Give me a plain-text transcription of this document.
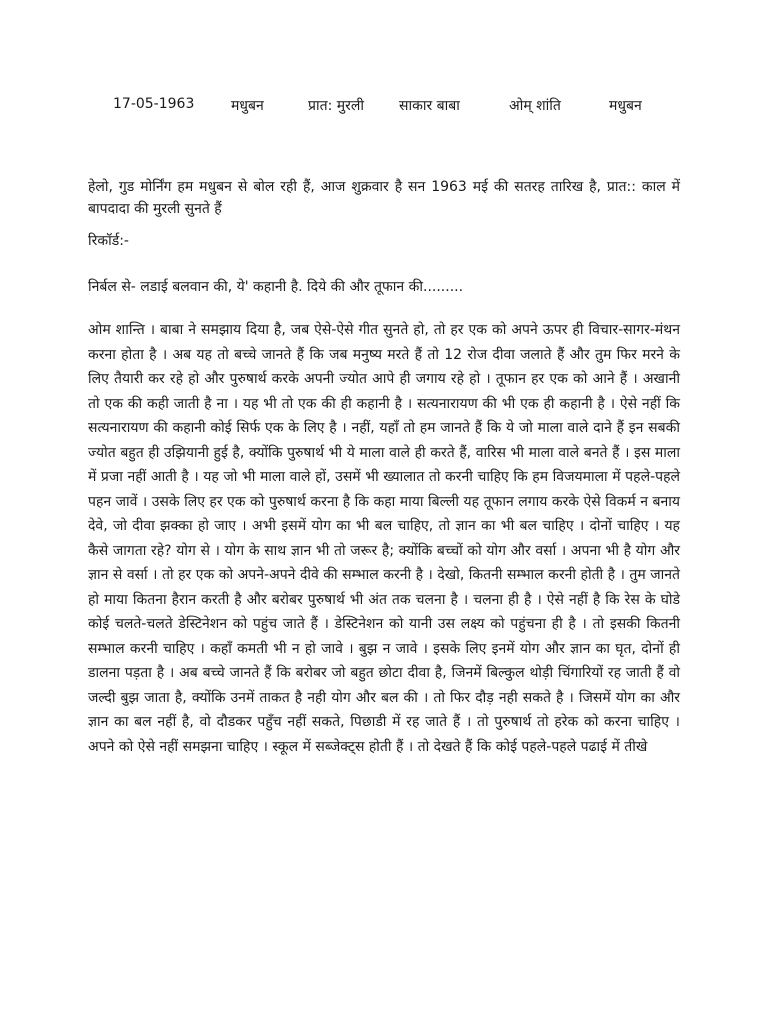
17-05-1963	मधुबन	प्रात: मुरली	साकार बाबा	ओम् शांति	मधुबन
हेलो, गुड मोर्निंग हम मधुबन से बोल रही हैं, आज शुक्रवार है सन 1963 मई की सतरह तारिख है, प्रात:: काल में बापदादा की मुरली सुनते हैं
रिकॉर्ड:-
निर्बल से- लडाई बलवान की, ये' कहानी है. दिये की और तूफान की.........

ओम शान्ति । बाबा ने समझाय दिया है, जब ऐसे-ऐसे गीत सुनते हो, तो हर एक को अपने ऊपर ही विचार-सागर-मंथन करना होता है । अब यह तो बच्चे जानते हैं कि जब मनुष्य मरते हैं तो 12 रोज दीवा जलाते हैं और तुम फिर मरने के लिए तैयारी कर रहे हो और पुरुषार्थ करके अपनी ज्योत आपे ही जगाय रहे हो । तूफान हर एक को आने हैं । अखानी तो एक की कही जाती है ना । यह भी तो एक की ही कहानी है । सत्यनारायण की भी एक ही कहानी है । ऐसे नहीं कि सत्यनारायण की कहानी कोई सिर्फ एक के लिए है । नहीं, यहाँ तो हम जानते हैं कि ये जो माला वाले दाने हैं इन सबकी ज्योत बहुत ही उझियानी हुई है, क्योंकि पुरुषार्थ भी ये माला वाले ही करते हैं, वारिस भी माला वाले बनते हैं । इस माला में प्रजा नहीं आती है । यह जो भी माला वाले हों, उसमें भी ख्यालात तो करनी चाहिए कि हम विजयमाला में पहले-पहले पहन जावें । उसके लिए हर एक को पुरुषार्थ करना है कि कहा माया बिल्ली यह तूफान लगाय करके ऐसे विकर्म न बनाय देवे, जो दीवा झक्का हो जाए । अभी इसमें योग का भी बल चाहिए, तो ज्ञान का भी बल चाहिए । दोनों चाहिए । यह कैसे जागता रहे? योग से । योग के साथ ज्ञान भी तो जरूर है; क्योंकि बच्चों को योग और वर्सा । अपना भी है योग और ज्ञान से वर्सा । तो हर एक को अपने-अपने दीवे की सम्भाल करनी है । देखो, कितनी सम्भाल करनी होती है । तुम जानते हो माया कितना हैरान करती है और बरोबर पुरुषार्थ भी अंत तक चलना है । चलना ही है । ऐसे नहीं है कि रेस के घोडे कोई चलते-चलते डेस्टिनेशन को पहुंच जाते हैं । डेस्टिनेशन को यानी उस लक्ष्य को पहुंचना ही है । तो इसकी कितनी सम्भाल करनी चाहिए । कहाँ कमती भी न हो जावे । बुझ न जावे । इसके लिए इनमें योग और ज्ञान का घृत, दोनों ही डालना पड़ता है । अब बच्चे जानते हैं कि बरोबर जो बहुत छोटा दीवा है, जिनमें बिल्कुल थोड़ी चिंगारियों रह जाती हैं वो जल्दी बुझ जाता है, क्योंकि उनमें ताकत है नही योग और बल की । तो फिर दौड़ नही सकते है । जिसमें योग का और ज्ञान का बल नहीं है, वो दौडकर पहुँच नहीं सकते, पिछाडी में रह जाते हैं । तो पुरुषार्थ तो हरेक को करना चाहिए । अपने को ऐसे नहीं समझना चाहिए । स्कूल में सब्जेक्ट्स होती हैं । तो देखते हैं कि कोई पहले-पहले पढाई में तीखे
